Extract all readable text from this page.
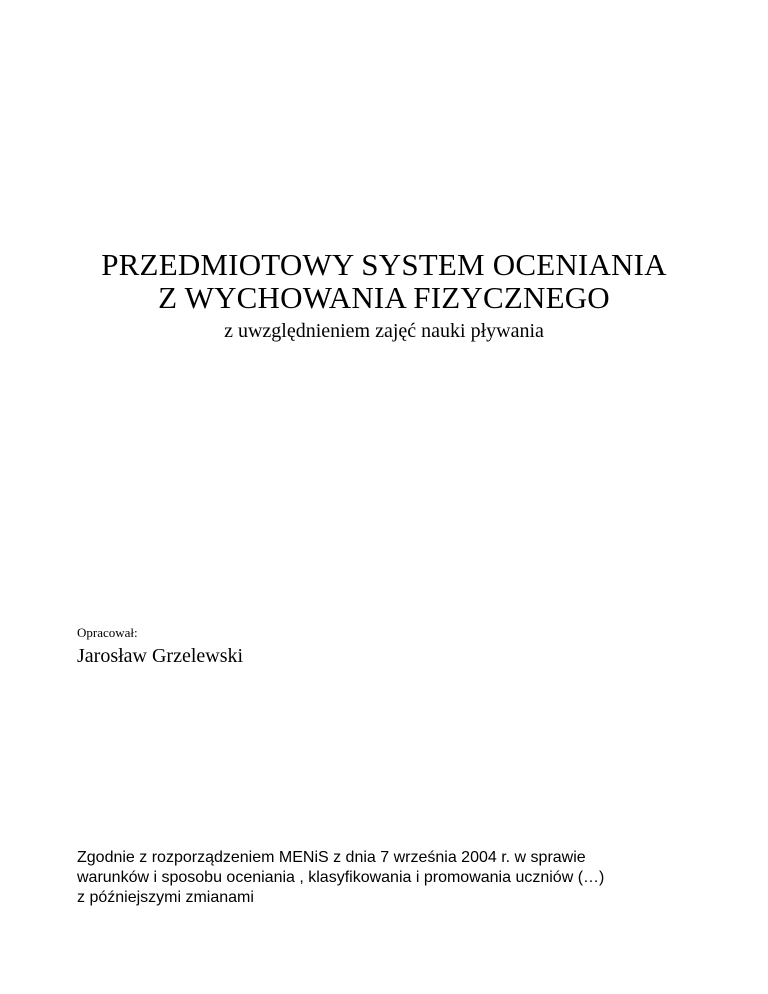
PRZEDMIOTOWY SYSTEM OCENIANIA
Z WYCHOWANIA FIZYCZNEGO
z uwzględnieniem zajęć nauki pływania
Opracował:
Jarosław Grzelewski
Zgodnie z rozporządzeniem MENiS z dnia 7 września 2004 r. w sprawie
warunków i sposobu oceniania , klasyfikowania i promowania uczniów (…)
z późniejszymi zmianami
